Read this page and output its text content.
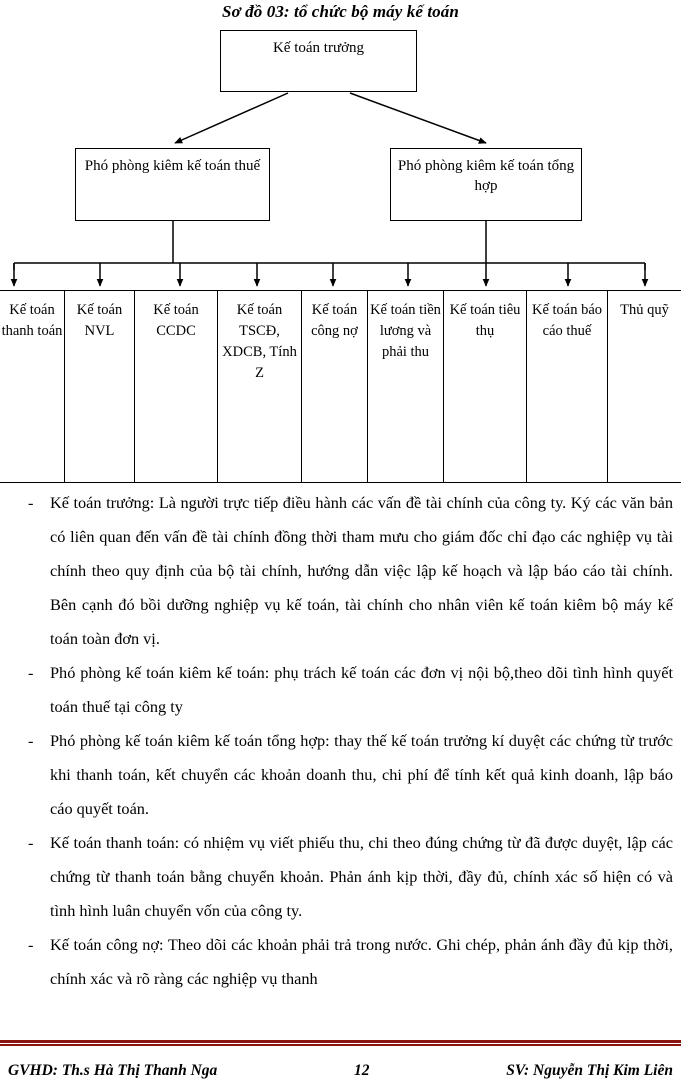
Sơ đồ 03: tổ chức bộ máy kế toán
Kế toán trưởng
Phó phòng kiêm kế toán thuế	Phó phòng kiêm kế toán tổng hợp
Kế toán thanh toán
Kế toán NVL
Kế toán CCDC
Kế toán TSCĐ, XDCB, Tính Z
Kế toán công nợ
Kế toán tiền lương và phải thu
Kế toán tiêu thụ
Kế toán báo cáo thuế
Thủ quỹ

- Kế toán trưởng: Là người trực tiếp điều hành các vấn đề tài chính của công ty. Ký các văn bản có liên quan đến vấn đề tài chính đồng thời tham mưu cho giám đốc chỉ đạo các nghiệp vụ tài chính theo quy định của bộ tài chính, hướng dẫn việc lập kế hoạch và lập báo cáo tài chính. Bên cạnh đó bồi dưỡng nghiệp vụ kế toán, tài chính cho nhân viên kế toán kiêm bộ máy kế toán toàn đơn vị.

- Phó phòng kế toán kiêm kế toán: phụ trách kế toán các đơn vị nội bộ,theo dõi tình hình quyết toán thuế tại công ty

- Phó phòng kế toán kiêm kế toán tổng hợp: thay thế kế toán trưởng kí duyệt các chứng từ trước khi thanh toán, kết chuyển các khoản doanh thu, chi phí để tính kết quả kinh doanh, lập báo cáo quyết toán.

- Kế toán thanh toán: có nhiệm vụ viết phiếu thu, chi theo đúng chứng từ đã được duyệt, lập các chứng từ thanh toán bằng chuyển khoản. Phản ánh kịp thời, đầy đủ, chính xác số hiện có và tình hình luân chuyển vốn của công ty.

- Kế toán công nợ: Theo dõi các khoản phải trả trong nước. Ghi chép, phản ánh đầy đủ kịp thời, chính xác và rõ ràng các nghiệp vụ thanh

GVHD: Th.s Hà Thị Thanh Nga	12	SV: Nguyễn Thị Kim Liên
